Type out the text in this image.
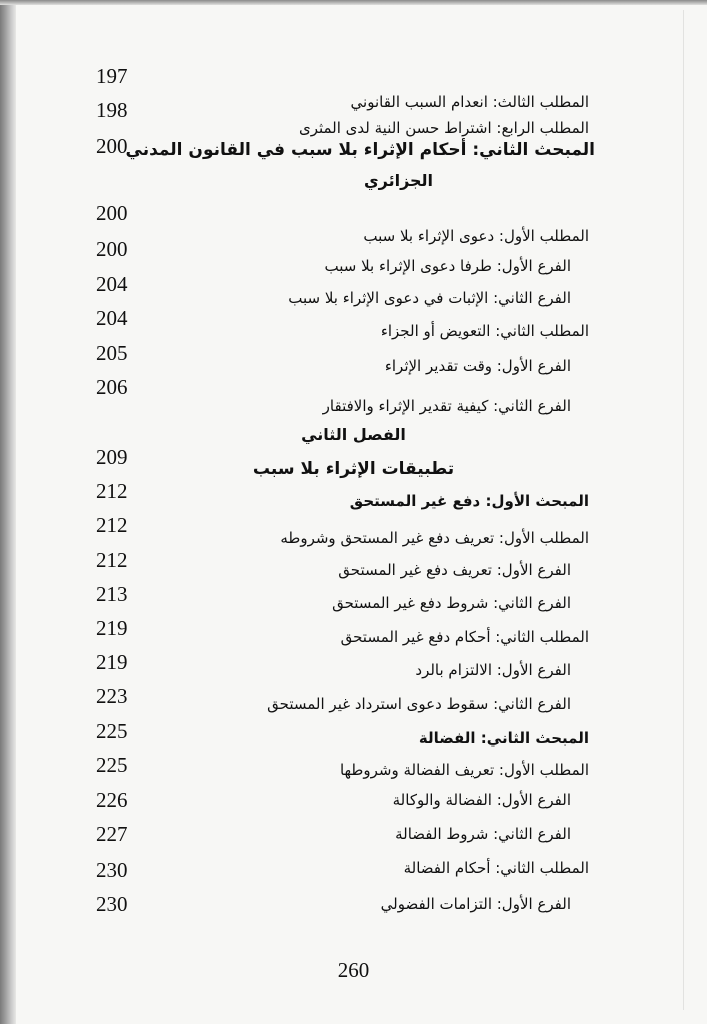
197
198
200
200
200
204
204
205
206
209
212
212
212
213
219
219
223
225
225
226
227
230
230
المطلب الثالث: انعدام السبب القانوني
المطلب الرابع: اشتراط حسن النية لدى المثرى
المبحث الثاني: أحكام الإثراء بلا سبب في القانون المدني
الجزائري
المطلب الأول: دعوى الإثراء بلا سبب
الفرع الأول: طرفا دعوى الإثراء بلا سبب
الفرع الثاني: الإثبات في دعوى الإثراء بلا سبب
المطلب الثاني: التعويض أو الجزاء
الفرع الأول: وقت تقدير الإثراء
الفرع الثاني: كيفية تقدير الإثراء والافتقار
الفصل الثاني
تطبيقات الإثراء بلا سبب
المبحث الأول: دفع غير المستحق
المطلب الأول: تعريف دفع غير المستحق وشروطه
الفرع الأول: تعريف دفع غير المستحق
الفرع الثاني: شروط دفع غير المستحق
المطلب الثاني: أحكام دفع غير المستحق
الفرع الأول: الالتزام بالرد
الفرع الثاني: سقوط دعوى استرداد غير المستحق
المبحث الثاني: الفضالة
المطلب الأول: تعريف الفضالة وشروطها
الفرع الأول: الفضالة والوكالة
الفرع الثاني: شروط الفضالة
المطلب الثاني: أحكام الفضالة
الفرع الأول: التزامات الفضولي
260
